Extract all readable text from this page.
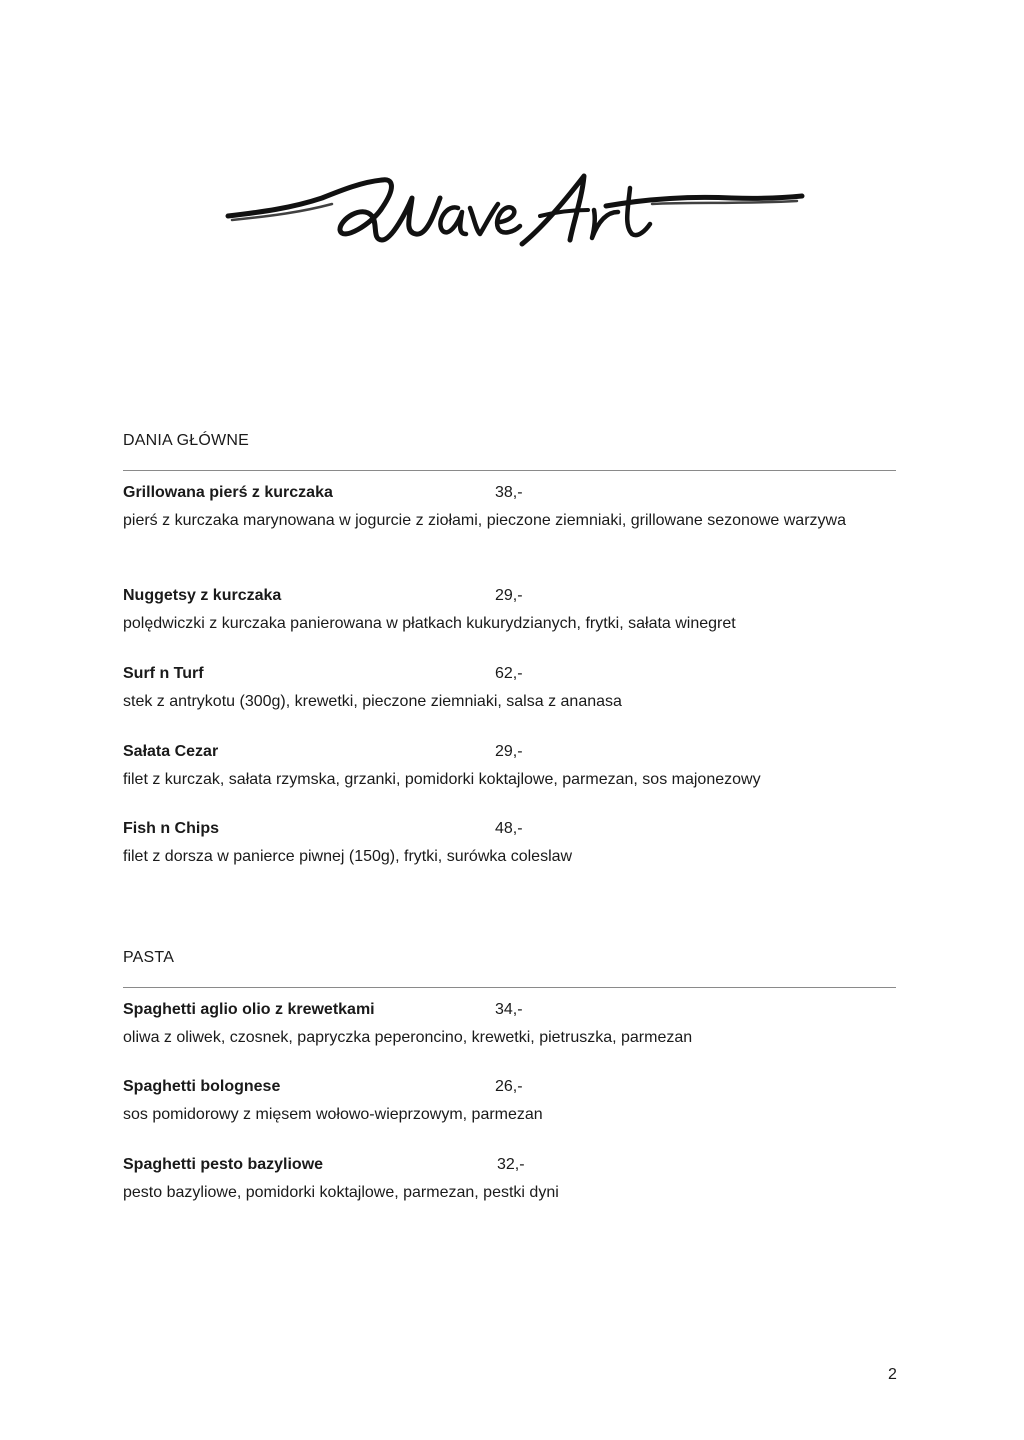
DANIA GŁÓWNE
Grillowana pierś z kurczaka	38,-
pierś z kurczaka marynowana w jogurcie z ziołami, pieczone ziemniaki, grillowane sezonowe warzywa
Nuggetsy z kurczaka	29,-
polędwiczki z kurczaka panierowana w płatkach kukurydzianych, frytki, sałata winegret
Surf n Turf	62,-
stek z antrykotu (300g), krewetki, pieczone ziemniaki, salsa z ananasa
Sałata Cezar	29,-
filet z kurczak, sałata rzymska, grzanki, pomidorki koktajlowe, parmezan, sos majonezowy
Fish n Chips	48,-
filet z dorsza w panierce piwnej (150g), frytki, surówka coleslaw
PASTA
Spaghetti aglio olio z krewetkami	34,-
oliwa z oliwek, czosnek, papryczka peperoncino, krewetki, pietruszka, parmezan
Spaghetti bolognese	26,-
sos pomidorowy z mięsem wołowo-wieprzowym, parmezan
Spaghetti pesto bazyliowe	32,-
pesto bazyliowe, pomidorki koktajlowe, parmezan, pestki dyni
2
